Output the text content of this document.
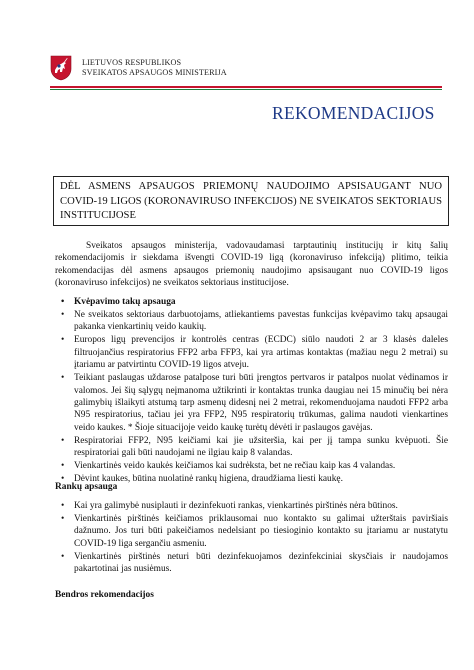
LIETUVOS RESPUBLIKOS
SVEIKATOS APSAUGOS MINISTERIJA
REKOMENDACIJOS
DĖL ASMENS APSAUGOS PRIEMONŲ NAUDOJIMO APSISAUGANT NUO COVID-19 LIGOS (KORONAVIRUSO INFEKCIJOS) NE SVEIKATOS SEKTORIAUS INSTITUCIJOSE

Sveikatos apsaugos ministerija, vadovaudamasi tarptautinių institucijų ir kitų šalių rekomendacijomis ir siekdama išvengti COVID-19 ligą (koronaviruso infekciją) plitimo, teikia rekomendacijas dėl asmens apsaugos priemonių naudojimo apsisaugant nuo COVID-19 ligos (koronaviruso infekcijos) ne sveikatos sektoriaus institucijose.

• Kvėpavimo takų apsauga
• Ne sveikatos sektoriaus darbuotojams, atliekantiems pavestas funkcijas kvėpavimo takų apsaugai pakanka vienkartinių veido kaukių.
• Europos ligų prevencijos ir kontrolės centras (ECDC) siūlo naudoti 2 ar 3 klasės daleles filtruojančius respiratorius FFP2 arba FFP3, kai yra artimas kontaktas (mažiau negu 2 metrai) su įtariamu ar patvirtintu COVID-19 ligos atveju.
• Teikiant paslaugas uždarose patalpose turi būti įrengtos pertvaros ir patalpos nuolat vėdinamos ir valomos. Jei šių sąlygų neįmanoma užtikrinti ir kontaktas trunka daugiau nei 15 minučių bei nėra galimybių išlaikyti atstumą tarp asmenų didesnį nei 2 metrai, rekomenduojama naudoti FFP2 arba N95 respiratorius, tačiau jei yra FFP2, N95 respiratorių trūkumas, galima naudoti vienkartines veido kaukes. * Šioje situacijoje veido kaukę turėtų dėvėti ir paslaugos gavėjas.
• Respiratoriai FFP2, N95 keičiami kai jie užsiteršia, kai per jį tampa sunku kvėpuoti. Šie respiratoriai gali būti naudojami ne ilgiau kaip 8 valandas.
• Vienkartinės veido kaukės keičiamos kai sudrėksta, bet ne rečiau kaip kas 4 valandas.
• Dėvint kaukes, būtina nuolatinė rankų higiena, draudžiama liesti kaukę.
Rankų apsauga
• Kai yra galimybė nusiplauti ir dezinfekuoti rankas, vienkartinės pirštinės nėra būtinos.
• Vienkartinės pirštinės keičiamos priklausomai nuo kontakto su galimai užterštais paviršiais dažnumo. Jos turi būti pakeičiamos nedelsiant po tiesioginio kontakto su įtariamu ar nustatytu COVID-19 liga sergančiu asmeniu.
• Vienkartinės pirštinės neturi būti dezinfekuojamos dezinfekciniai skysčiais ir naudojamos pakartotinai jas nusiėmus.
Bendros rekomendacijos
